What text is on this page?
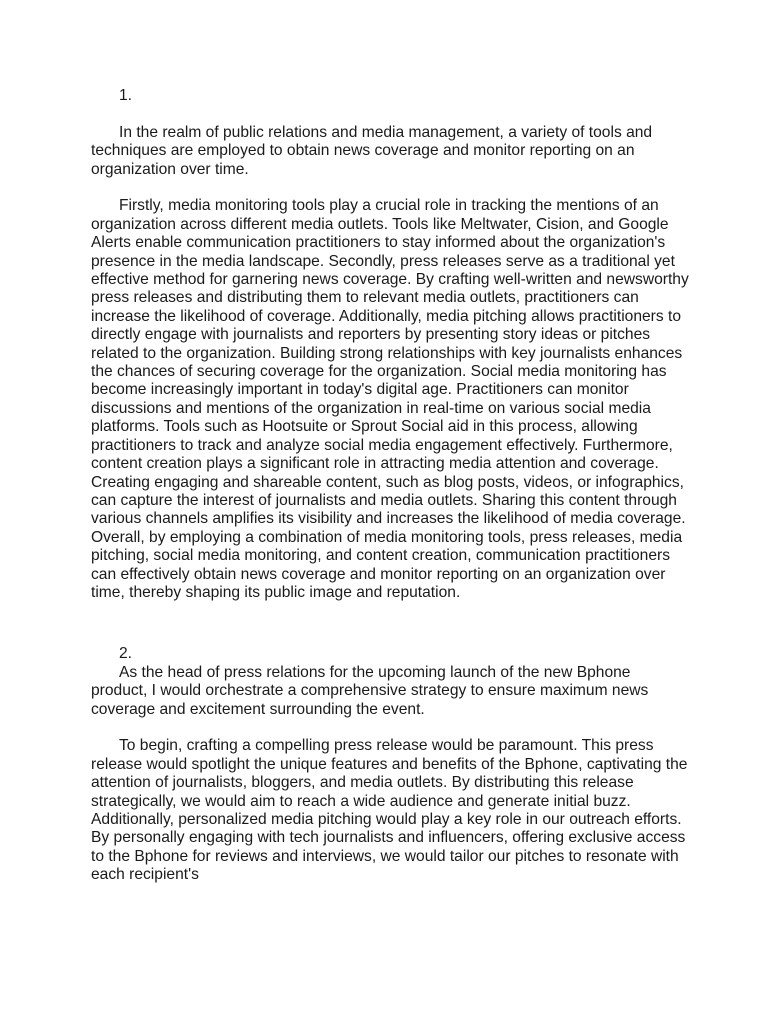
1.

In the realm of public relations and media management, a variety of tools and techniques are employed to obtain news coverage and monitor reporting on an organization over time.

Firstly, media monitoring tools play a crucial role in tracking the mentions of an organization across different media outlets. Tools like Meltwater, Cision, and Google Alerts enable communication practitioners to stay informed about the organization's presence in the media landscape. Secondly, press releases serve as a traditional yet effective method for garnering news coverage. By crafting well-written and newsworthy press releases and distributing them to relevant media outlets, practitioners can increase the likelihood of coverage. Additionally, media pitching allows practitioners to directly engage with journalists and reporters by presenting story ideas or pitches related to the organization. Building strong relationships with key journalists enhances the chances of securing coverage for the organization. Social media monitoring has become increasingly important in today's digital age. Practitioners can monitor discussions and mentions of the organization in real-time on various social media platforms. Tools such as Hootsuite or Sprout Social aid in this process, allowing practitioners to track and analyze social media engagement effectively. Furthermore, content creation plays a significant role in attracting media attention and coverage. Creating engaging and shareable content, such as blog posts, videos, or infographics, can capture the interest of journalists and media outlets. Sharing this content through various channels amplifies its visibility and increases the likelihood of media coverage. Overall, by employing a combination of media monitoring tools, press releases, media pitching, social media monitoring, and content creation, communication practitioners can effectively obtain news coverage and monitor reporting on an organization over time, thereby shaping its public image and reputation.

2.

As the head of press relations for the upcoming launch of the new Bphone product, I would orchestrate a comprehensive strategy to ensure maximum news coverage and excitement surrounding the event.

To begin, crafting a compelling press release would be paramount. This press release would spotlight the unique features and benefits of the Bphone, captivating the attention of journalists, bloggers, and media outlets. By distributing this release strategically, we would aim to reach a wide audience and generate initial buzz. Additionally, personalized media pitching would play a key role in our outreach efforts. By personally engaging with tech journalists and influencers, offering exclusive access to the Bphone for reviews and interviews, we would tailor our pitches to resonate with each recipient's
